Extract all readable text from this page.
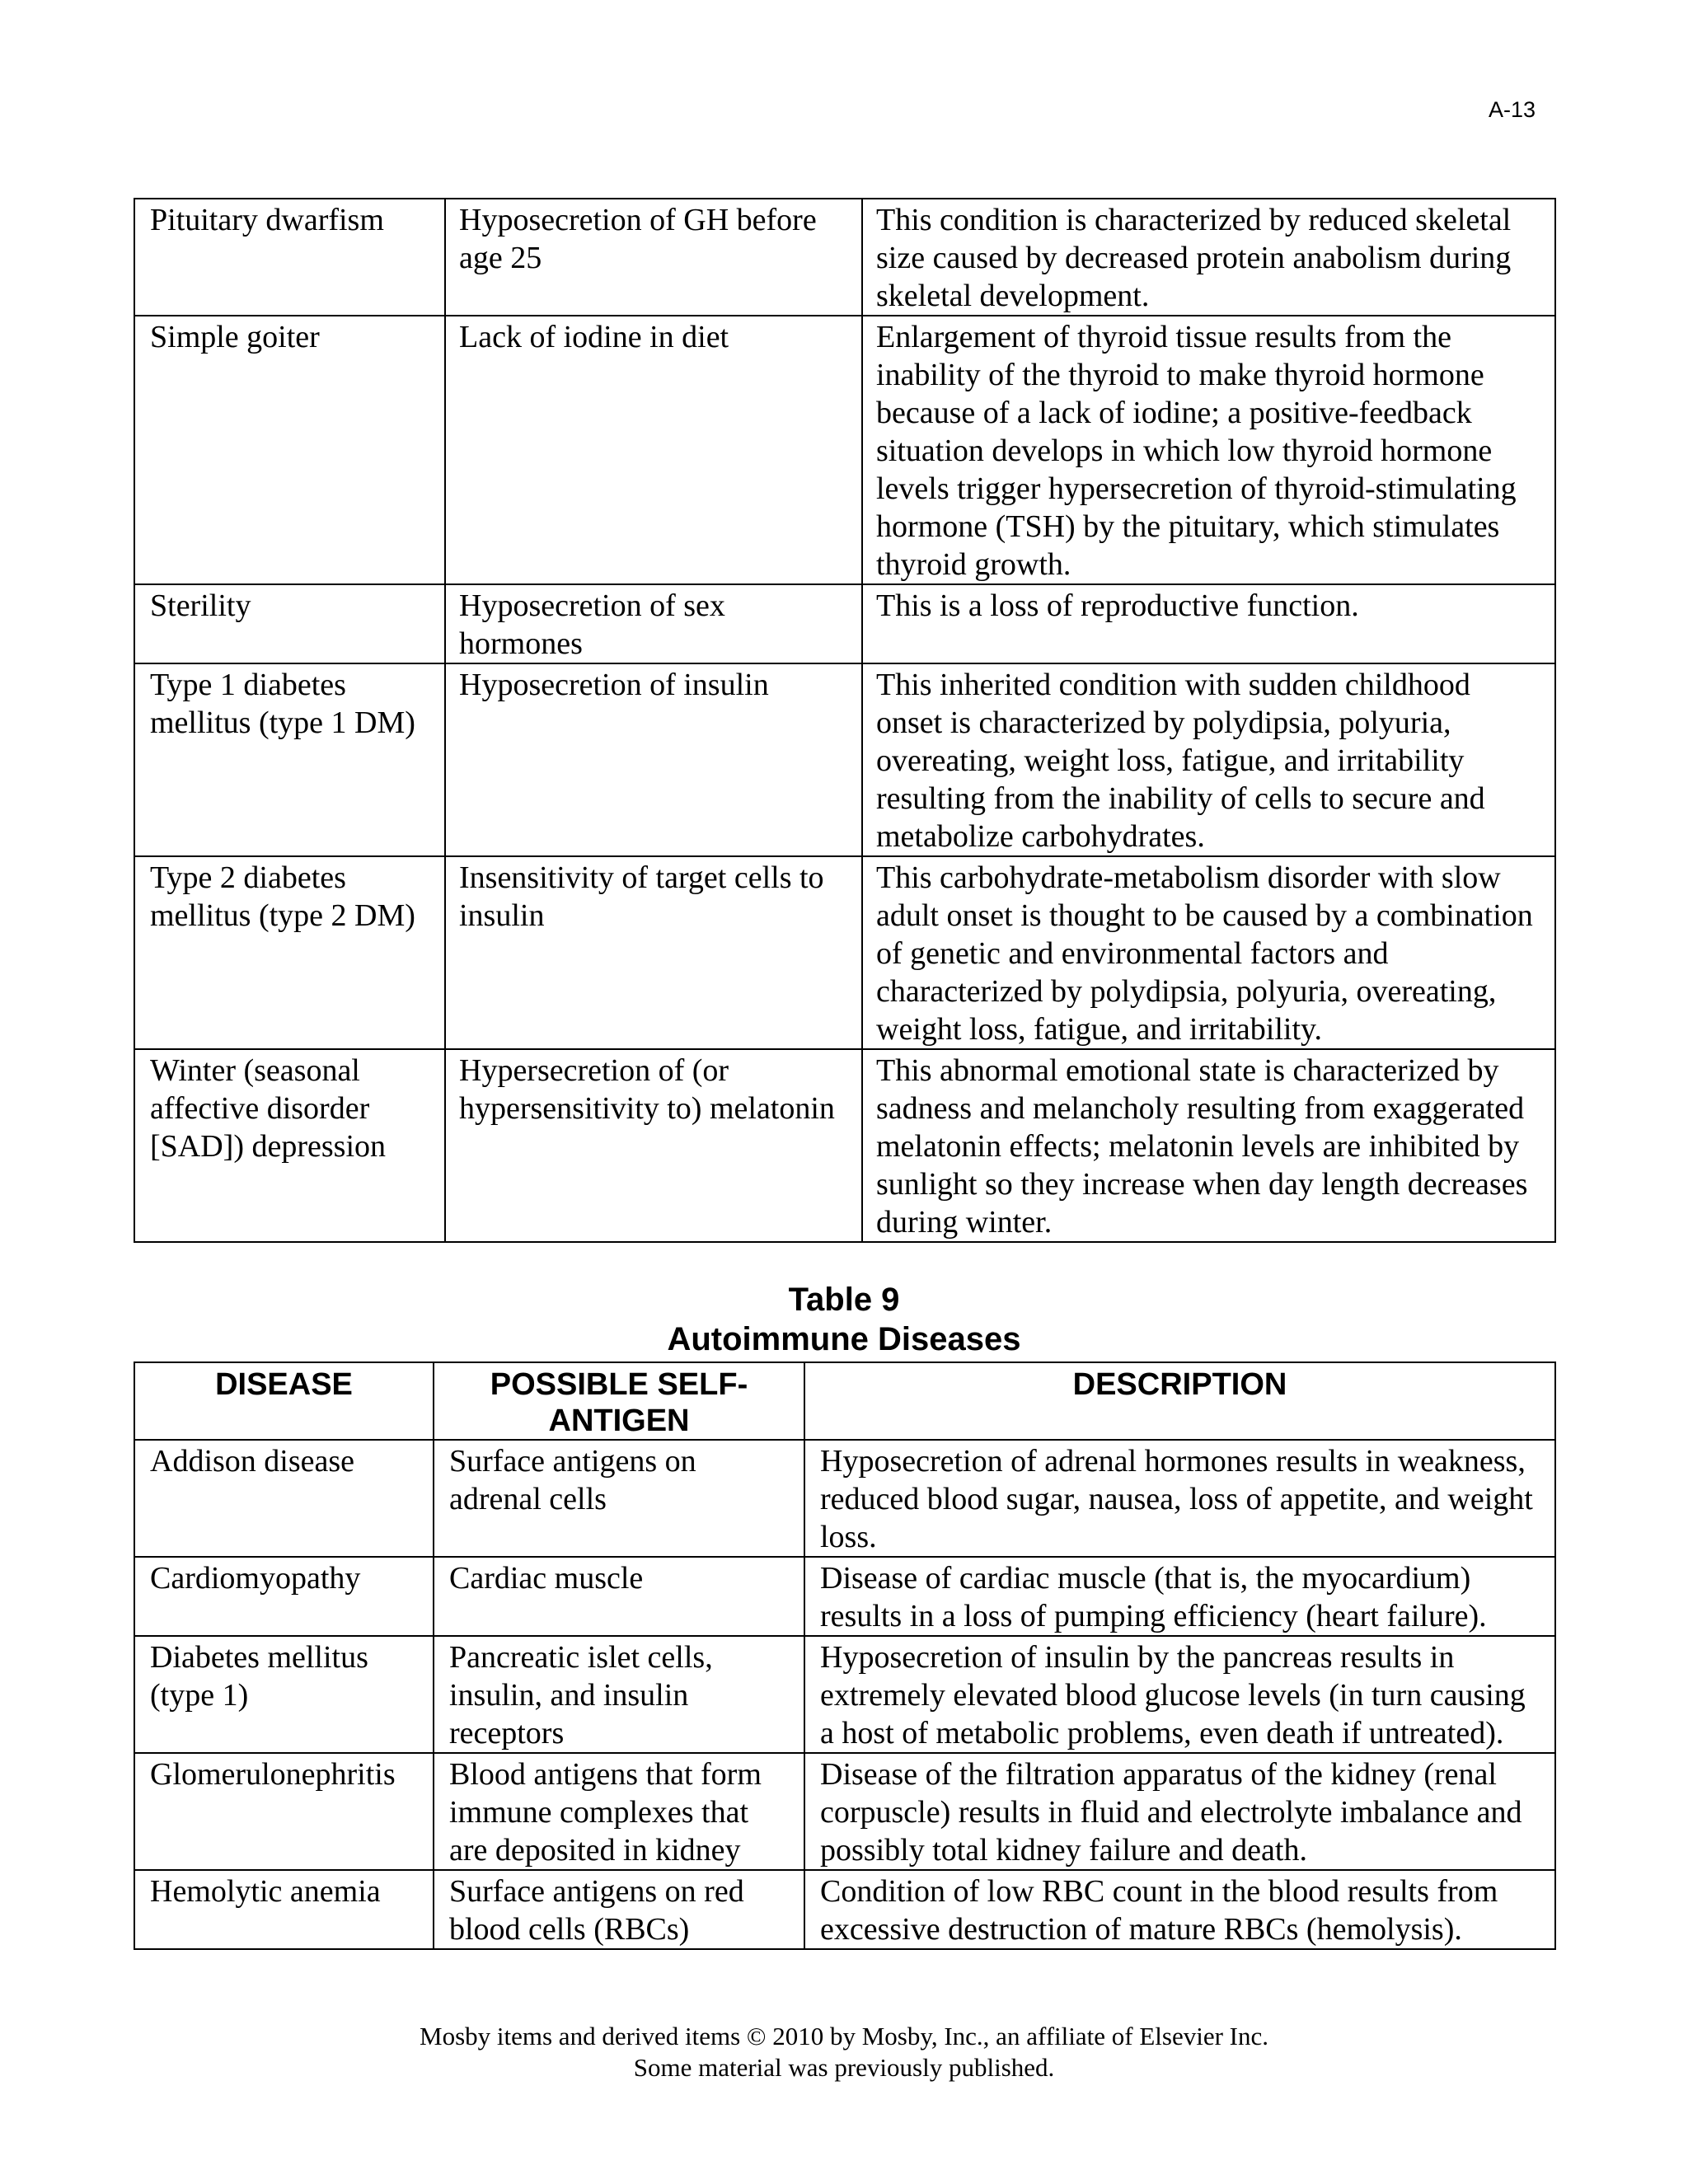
A-13
Pituitary dwarfism	Hyposecretion of GH before age 25	This condition is characterized by reduced skeletal size caused by decreased protein anabolism during skeletal development.
Simple goiter	Lack of iodine in diet	Enlargement of thyroid tissue results from the inability of the thyroid to make thyroid hormone because of a lack of iodine; a positive-feedback situation develops in which low thyroid hormone levels trigger hypersecretion of thyroid-stimulating hormone (TSH) by the pituitary, which stimulates thyroid growth.
Sterility	Hyposecretion of sex hormones	This is a loss of reproductive function.
Type 1 diabetes mellitus (type 1 DM)	Hyposecretion of insulin	This inherited condition with sudden childhood onset is characterized by polydipsia, polyuria, overeating, weight loss, fatigue, and irritability resulting from the inability of cells to secure and metabolize carbohydrates.
Type 2 diabetes mellitus (type 2 DM)	Insensitivity of target cells to insulin	This carbohydrate-metabolism disorder with slow adult onset is thought to be caused by a combination of genetic and environmental factors and characterized by polydipsia, polyuria, overeating, weight loss, fatigue, and irritability.
Winter (seasonal affective disorder [SAD]) depression	Hypersecretion of (or hypersensitivity to) melatonin	This abnormal emotional state is characterized by sadness and melancholy resulting from exaggerated melatonin effects; melatonin levels are inhibited by sunlight so they increase when day length decreases during winter.
Table 9
Autoimmune Diseases
DISEASE	POSSIBLE SELF-ANTIGEN	DESCRIPTION
Addison disease	Surface antigens on adrenal cells	Hyposecretion of adrenal hormones results in weakness, reduced blood sugar, nausea, loss of appetite, and weight loss.
Cardiomyopathy	Cardiac muscle	Disease of cardiac muscle (that is, the myocardium) results in a loss of pumping efficiency (heart failure).
Diabetes mellitus (type 1)	Pancreatic islet cells, insulin, and insulin receptors	Hyposecretion of insulin by the pancreas results in extremely elevated blood glucose levels (in turn causing a host of metabolic problems, even death if untreated).
Glomerulonephritis	Blood antigens that form immune complexes that are deposited in kidney	Disease of the filtration apparatus of the kidney (renal corpuscle) results in fluid and electrolyte imbalance and possibly total kidney failure and death.
Hemolytic anemia	Surface antigens on red blood cells (RBCs)	Condition of low RBC count in the blood results from excessive destruction of mature RBCs (hemolysis).
Mosby items and derived items © 2010 by Mosby, Inc., an affiliate of Elsevier Inc.
Some material was previously published.
